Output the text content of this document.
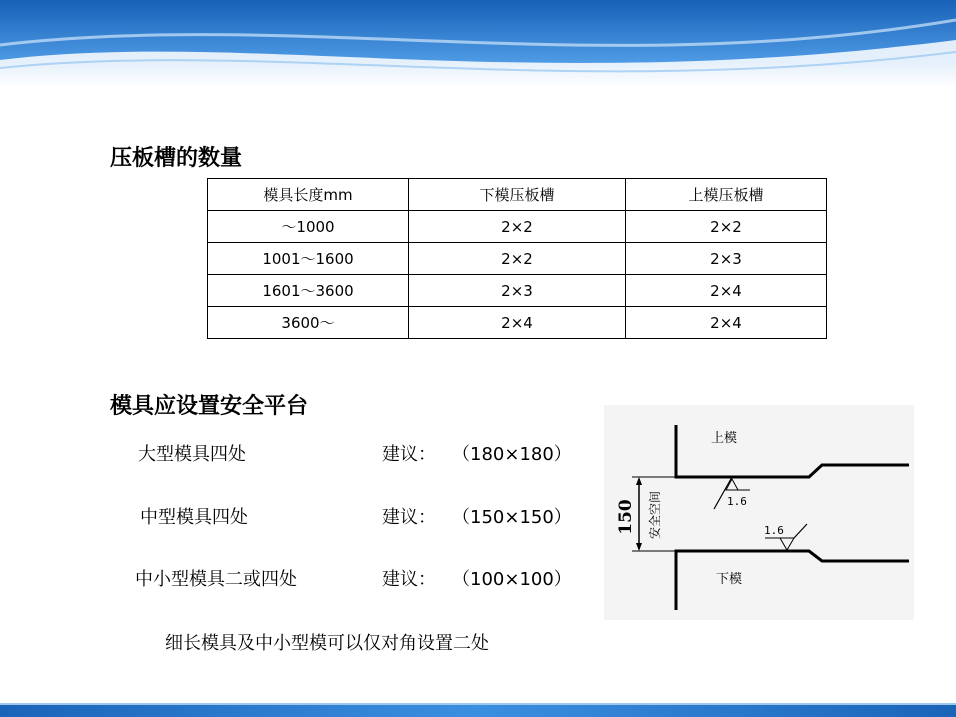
压板槽的数量
模具长度mm	下模压板槽	上模压板槽
～1000	2×2	2×2
1001～1600	2×2	2×3
1601～3600	2×3	2×4
3600～	2×4	2×4
模具应设置安全平台
大型模具四处	建议： （180×180）
中型模具四处	建议： （150×150）
中小型模具二或四处	建议： （100×100）
细长模具及中小型模可以仅对角设置二处
150 安全空间
上模
下模
1.6
1.6
